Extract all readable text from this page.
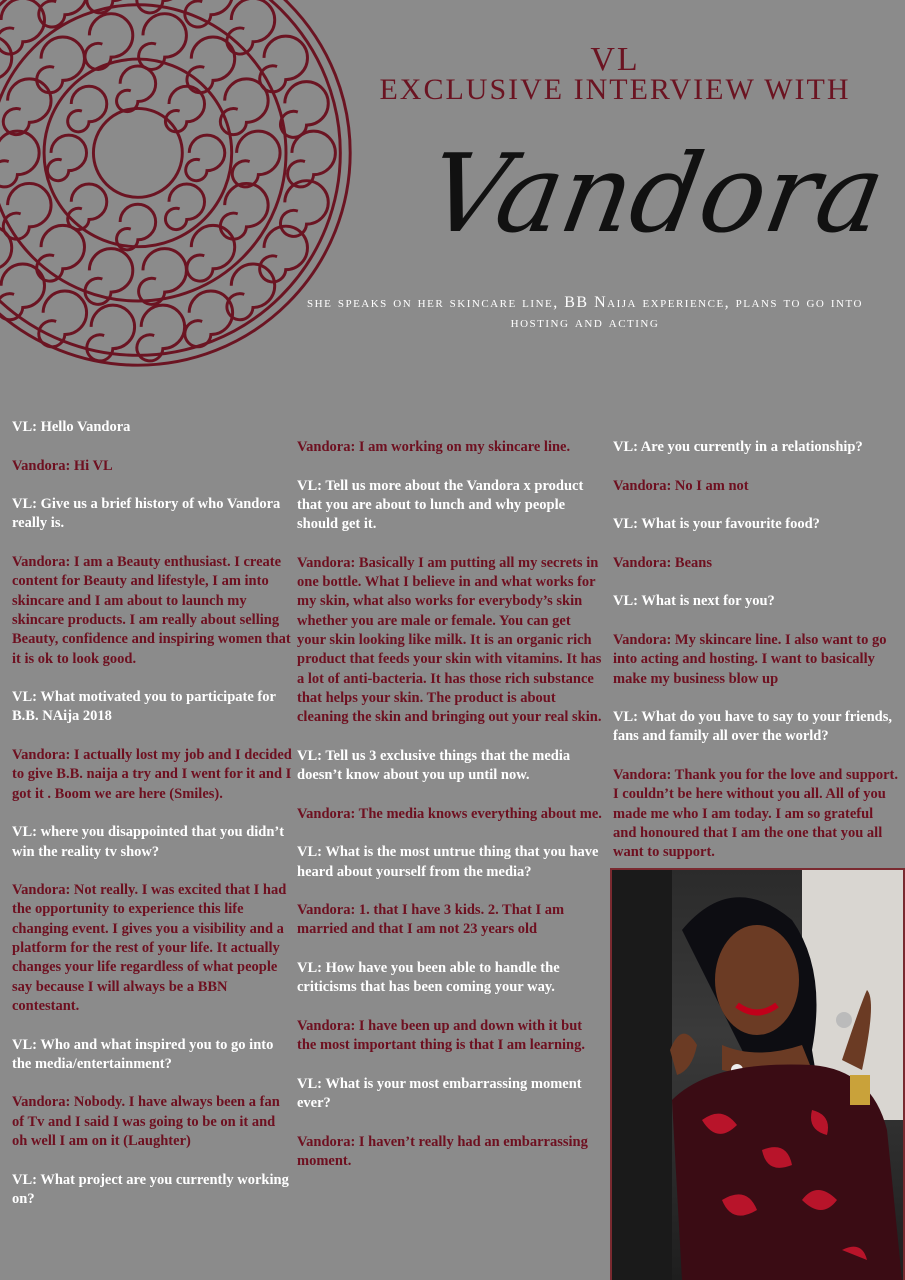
VL
EXCLUSIVE INTERVIEW WITH
Vandora
she speaks on her skincare line, BB Naija experience, plans to go into hosting and acting

VL: Hello Vandora

Vandora: Hi VL

VL: Give us a brief history of who Vandora really is.

Vandora: I am a Beauty enthusiast. I create content for Beauty and lifestyle, I am into skincare and I am about to launch my skincare products. I am really about selling Beauty, confidence and inspiring women that it is ok to look good.

VL: What motivated you to participate for B.B. NAija 2018

Vandora: I actually lost my job and I decided to give B.B. naija a try and I went for it and I got it . Boom we are here (Smiles).

VL: where you disappointed that you didn’t win the reality tv show?

Vandora: Not really. I was excited that I had the opportunity to experience this life changing event. I gives you a visibility and a platform for the rest of your life. It actually changes your life regardless of what people say because I will always be a BBN contestant.

VL: Who and what inspired you to go into the media/entertainment?

Vandora: Nobody. I have always been a fan of Tv and I said I was going to be on it and oh well I am on it (Laughter)

VL: What project are you currently working on?

Vandora: I am working on my skincare line.

VL: Tell us more about the Vandora x product that you are about to lunch and why people should get it.

Vandora: Basically I am putting all my secrets in one bottle. What I believe in and what works for my skin, what also works for everybody’s skin whether you are male or female. You can get your skin looking like milk. It is an organic rich product that feeds your skin with vitamins. It has a lot of anti-bacteria. It has those rich substance that helps your skin. The product is about cleaning the skin and bringing out your real skin.

VL: Tell us 3 exclusive things that the media doesn’t know about you up until now.

Vandora: The media knows everything about me.

VL: What is the most untrue thing that you have heard about yourself from the media?

Vandora: 1. that I have 3 kids. 2. That I am married and that I am not 23 years old

VL: How have you been able to handle the criticisms that has been coming your way.

Vandora: I have been up and down with it but the most important thing is that I am learning.

VL: What is your most embarrassing moment ever?

Vandora: I haven’t really had an embarrassing moment.

VL: Are you currently in a relationship?

Vandora: No I am not

VL: What is your favourite food?

Vandora: Beans

VL: What is next for you?

Vandora: My skincare line. I also want to go into acting and hosting. I want to basically make my business blow up

VL: What do you have to say to your friends, fans and family all over the world?

Vandora: Thank you for the love and support. I couldn’t be here without you all. All of you made me who I am today. I am so grateful and honoured that I am the one that you all want to support.
